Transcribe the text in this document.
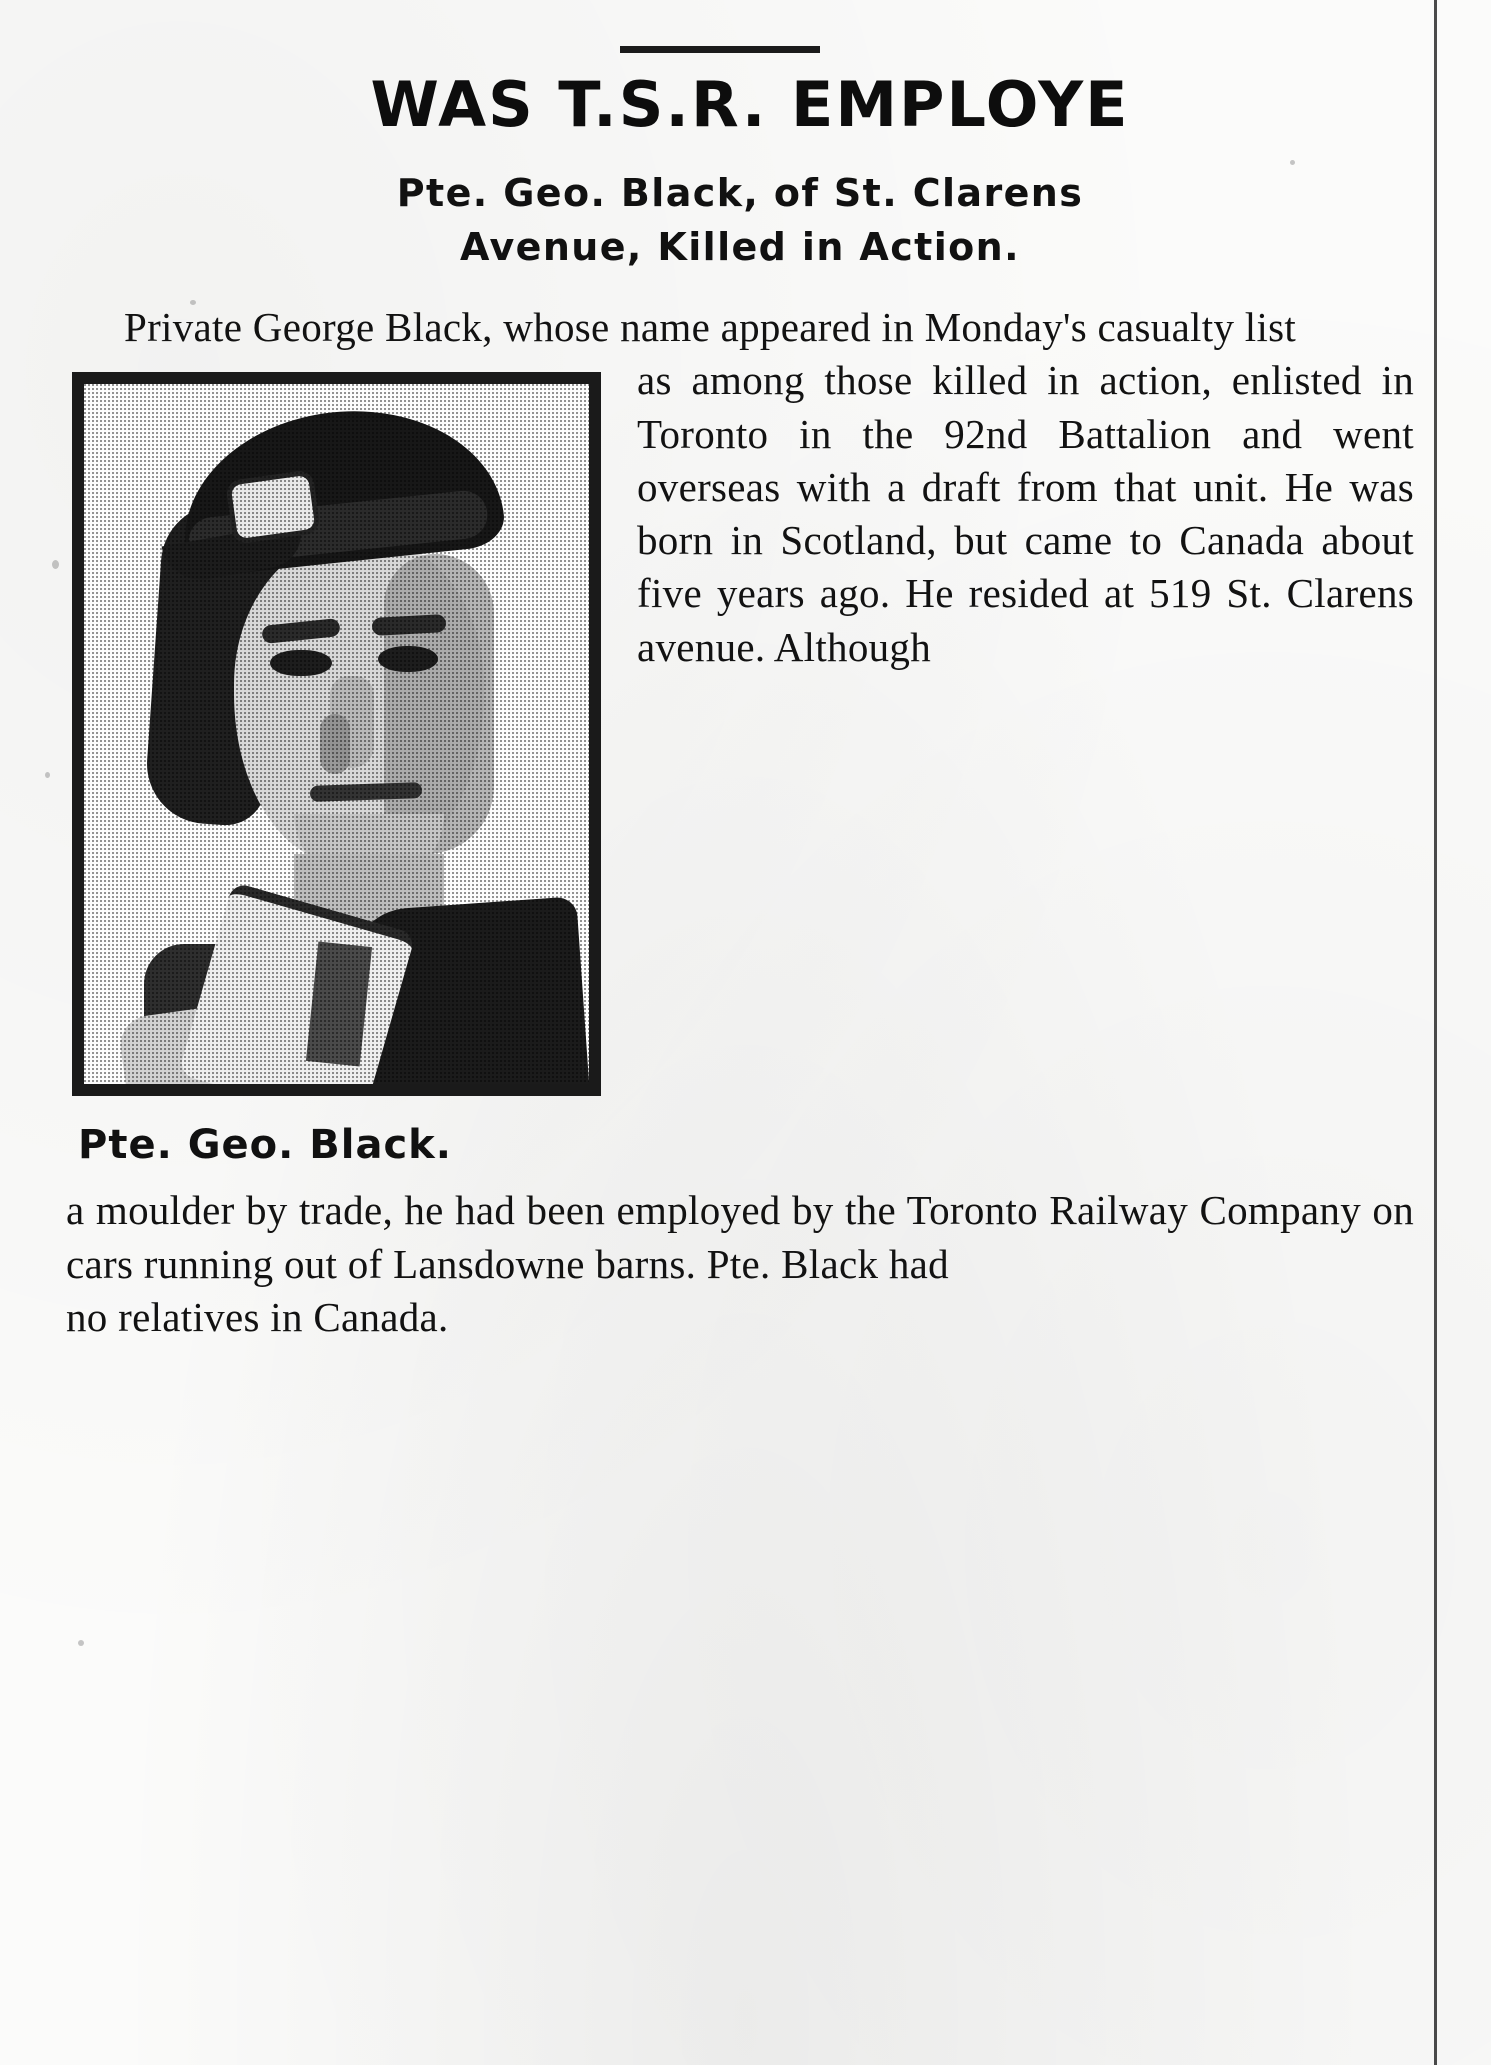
WAS T.S.R. EMPLOYE
Pte. Geo. Black, of St. Clarens
Avenue, Killed in Action.

Private George Black, whose name appeared in Monday's casualty list

Pte. Geo. Black.
as among those killed in action, enlisted in Toronto in the 92nd Battalion and went overseas with a draft from that unit. He was born in Scotland, but came to Canada about five years ago. He resided at 519 St. Clarens avenue. Although
a moulder by trade, he had been employed by the Toronto Railway Company on cars running out of Lansdowne barns. Pte. Black had
no relatives in Canada.
